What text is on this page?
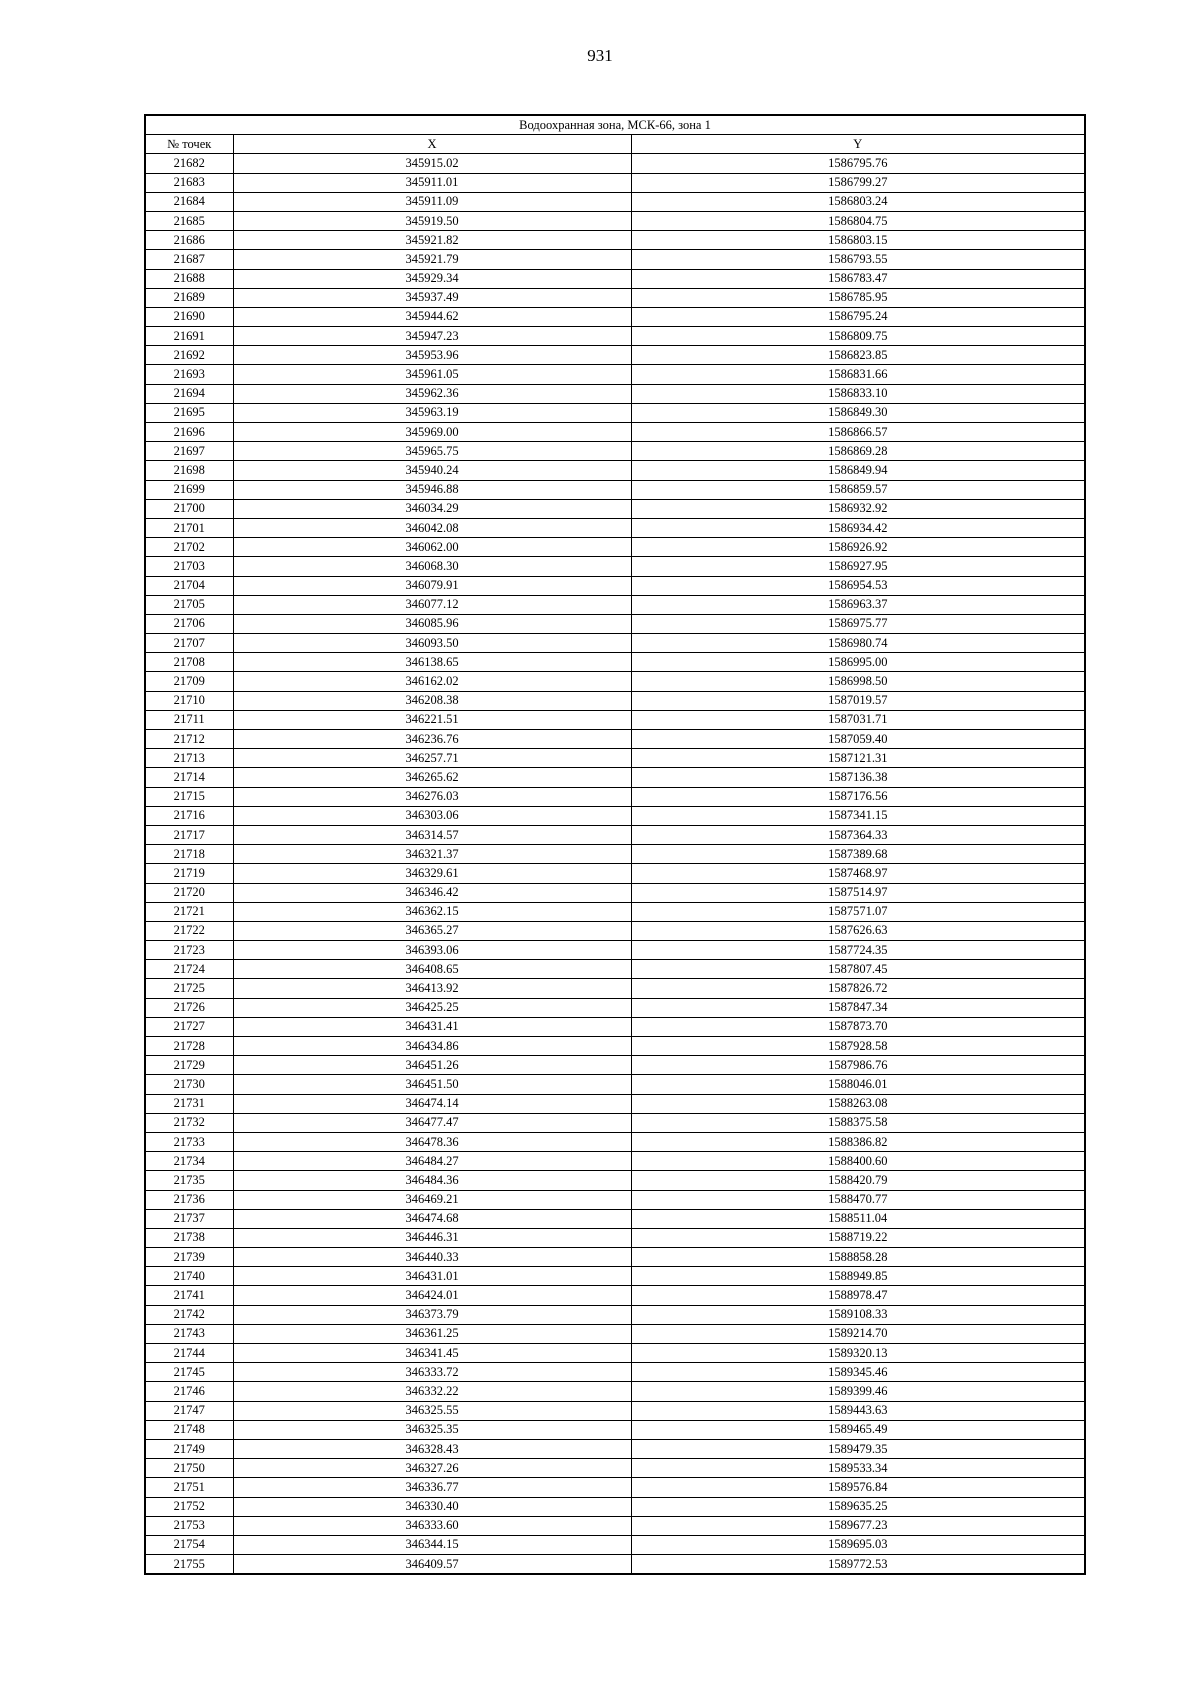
931
Водоохранная зона, МСК-66, зона 1		
№ точек	X	Y
21682	345915.02	1586795.76
21683	345911.01	1586799.27
21684	345911.09	1586803.24
21685	345919.50	1586804.75
21686	345921.82	1586803.15
21687	345921.79	1586793.55
21688	345929.34	1586783.47
21689	345937.49	1586785.95
21690	345944.62	1586795.24
21691	345947.23	1586809.75
21692	345953.96	1586823.85
21693	345961.05	1586831.66
21694	345962.36	1586833.10
21695	345963.19	1586849.30
21696	345969.00	1586866.57
21697	345965.75	1586869.28
21698	345940.24	1586849.94
21699	345946.88	1586859.57
21700	346034.29	1586932.92
21701	346042.08	1586934.42
21702	346062.00	1586926.92
21703	346068.30	1586927.95
21704	346079.91	1586954.53
21705	346077.12	1586963.37
21706	346085.96	1586975.77
21707	346093.50	1586980.74
21708	346138.65	1586995.00
21709	346162.02	1586998.50
21710	346208.38	1587019.57
21711	346221.51	1587031.71
21712	346236.76	1587059.40
21713	346257.71	1587121.31
21714	346265.62	1587136.38
21715	346276.03	1587176.56
21716	346303.06	1587341.15
21717	346314.57	1587364.33
21718	346321.37	1587389.68
21719	346329.61	1587468.97
21720	346346.42	1587514.97
21721	346362.15	1587571.07
21722	346365.27	1587626.63
21723	346393.06	1587724.35
21724	346408.65	1587807.45
21725	346413.92	1587826.72
21726	346425.25	1587847.34
21727	346431.41	1587873.70
21728	346434.86	1587928.58
21729	346451.26	1587986.76
21730	346451.50	1588046.01
21731	346474.14	1588263.08
21732	346477.47	1588375.58
21733	346478.36	1588386.82
21734	346484.27	1588400.60
21735	346484.36	1588420.79
21736	346469.21	1588470.77
21737	346474.68	1588511.04
21738	346446.31	1588719.22
21739	346440.33	1588858.28
21740	346431.01	1588949.85
21741	346424.01	1588978.47
21742	346373.79	1589108.33
21743	346361.25	1589214.70
21744	346341.45	1589320.13
21745	346333.72	1589345.46
21746	346332.22	1589399.46
21747	346325.55	1589443.63
21748	346325.35	1589465.49
21749	346328.43	1589479.35
21750	346327.26	1589533.34
21751	346336.77	1589576.84
21752	346330.40	1589635.25
21753	346333.60	1589677.23
21754	346344.15	1589695.03
21755	346409.57	1589772.53
